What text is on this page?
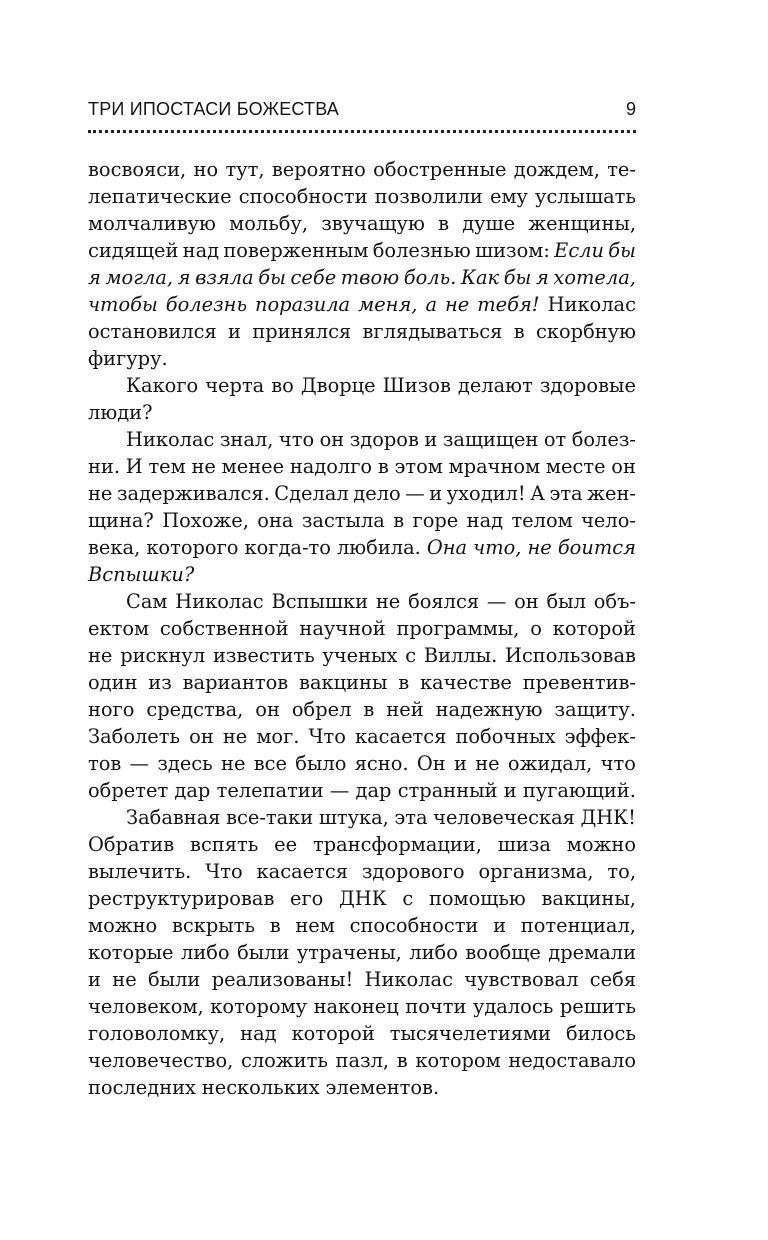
ТРИ ИПОСТАСИ БОЖЕСТВА	9
восвояси, но тут, вероятно обостренные дождем, те-
лепатические способности позволили ему услышать
молчаливую мольбу, звучащую в душе женщины,
сидящей над поверженным болезнью шизом: Если бы
я могла, я взяла бы себе твою боль. Как бы я хотела,
чтобы болезнь поразила меня, а не тебя! Николас
остановился и принялся вглядываться в скорбную
фигуру.
Какого черта во Дворце Шизов делают здоровые
люди?
Николас знал, что он здоров и защищен от болез-
ни. И тем не менее надолго в этом мрачном месте он
не задерживался. Сделал дело — и уходил! А эта жен-
щина? Похоже, она застыла в горе над телом чело-
века, которого когда-то любила. Она что, не боится
Вспышки?
Сам Николас Вспышки не боялся — он был объ-
ектом собственной научной программы, о которой
не рискнул известить ученых с Виллы. Использовав
один из вариантов вакцины в качестве превентив-
ного средства, он обрел в ней надежную защиту.
Заболеть он не мог. Что касается побочных эффек-
тов — здесь не все было ясно. Он и не ожидал, что
обретет дар телепатии — дар странный и пугающий.
Забавная все-таки штука, эта человеческая ДНК!
Обратив вспять ее трансформации, шиза можно
вылечить. Что касается здорового организма, то,
реструктурировав его ДНК с помощью вакцины,
можно вскрыть в нем способности и потенциал,
которые либо были утрачены, либо вообще дремали
и не были реализованы! Николас чувствовал себя
человеком, которому наконец почти удалось решить
головоломку, над которой тысячелетиями билось
человечество, сложить пазл, в котором недоставало
последних нескольких элементов.
